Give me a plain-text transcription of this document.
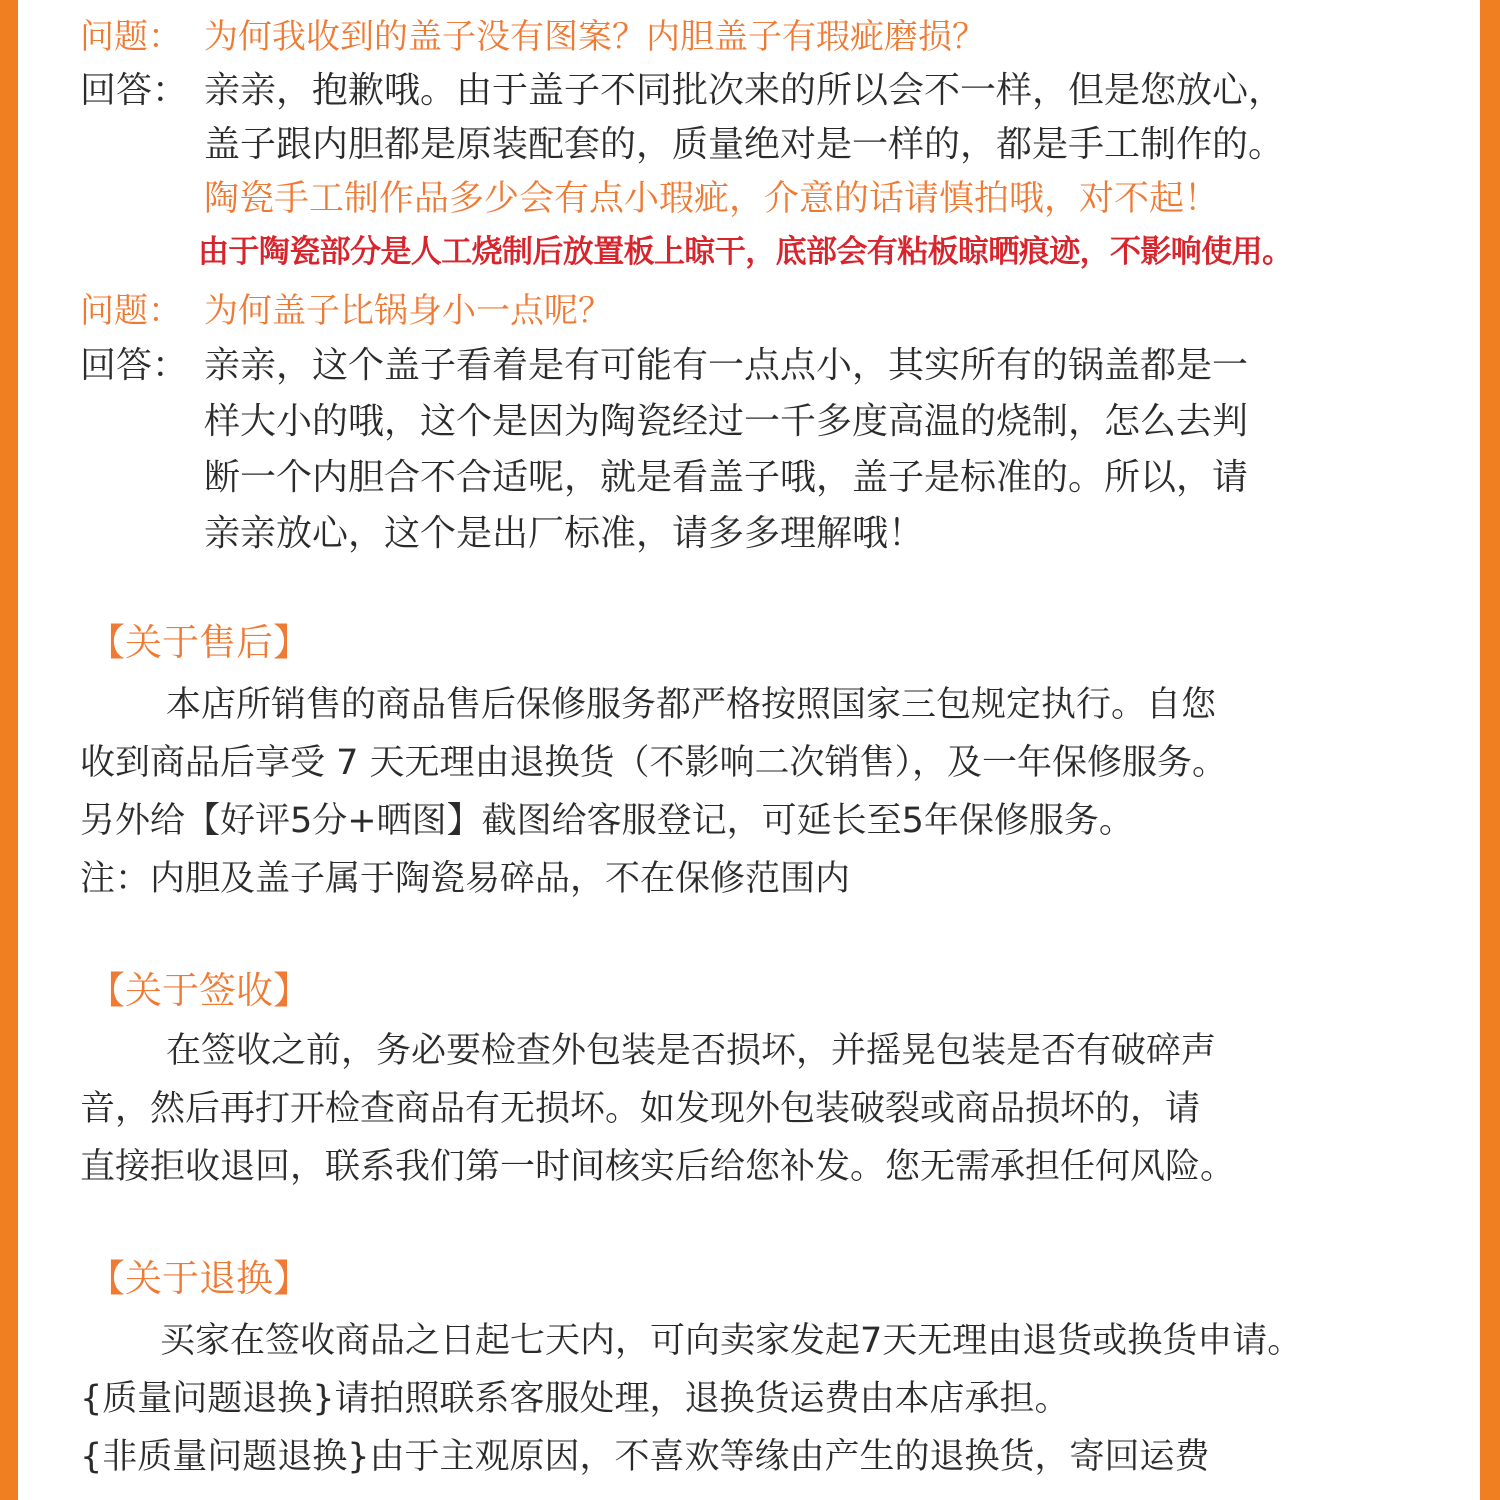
问题： 为何我收到的盖子没有图案？内胆盖子有瑕疵磨损？
回答： 亲亲，抱歉哦。由于盖子不同批次来的所以会不一样，但是您放心，
盖子跟内胆都是原装配套的，质量绝对是一样的，都是手工制作的。
陶瓷手工制作品多少会有点小瑕疵，介意的话请慎拍哦，对不起！
由于陶瓷部分是人工烧制后放置板上晾干，底部会有粘板晾晒痕迹，不影响使用。
问题： 为何盖子比锅身小一点呢？
回答： 亲亲，这个盖子看着是有可能有一点点小，其实所有的锅盖都是一
样大小的哦，这个是因为陶瓷经过一千多度高温的烧制，怎么去判
断一个内胆合不合适呢，就是看盖子哦，盖子是标准的。所以，请
亲亲放心，这个是出厂标准，请多多理解哦！
【关于售后】
本店所销售的商品售后保修服务都严格按照国家三包规定执行。自您
收到商品后享受 7 天无理由退换货（不影响二次销售），及一年保修服务。
另外给【好评5分+晒图】截图给客服登记，可延长至5年保修服务。
注：内胆及盖子属于陶瓷易碎品，不在保修范围内
【关于签收】
在签收之前，务必要检查外包装是否损坏，并摇晃包装是否有破碎声
音，然后再打开检查商品有无损坏。如发现外包装破裂或商品损坏的，请
直接拒收退回，联系我们第一时间核实后给您补发。您无需承担任何风险。
【关于退换】
买家在签收商品之日起七天内，可向卖家发起7天无理由退货或换货申请。
{质量问题退换}请拍照联系客服处理，退换货运费由本店承担。
{非质量问题退换}由于主观原因，不喜欢等缘由产生的退换货，寄回运费
